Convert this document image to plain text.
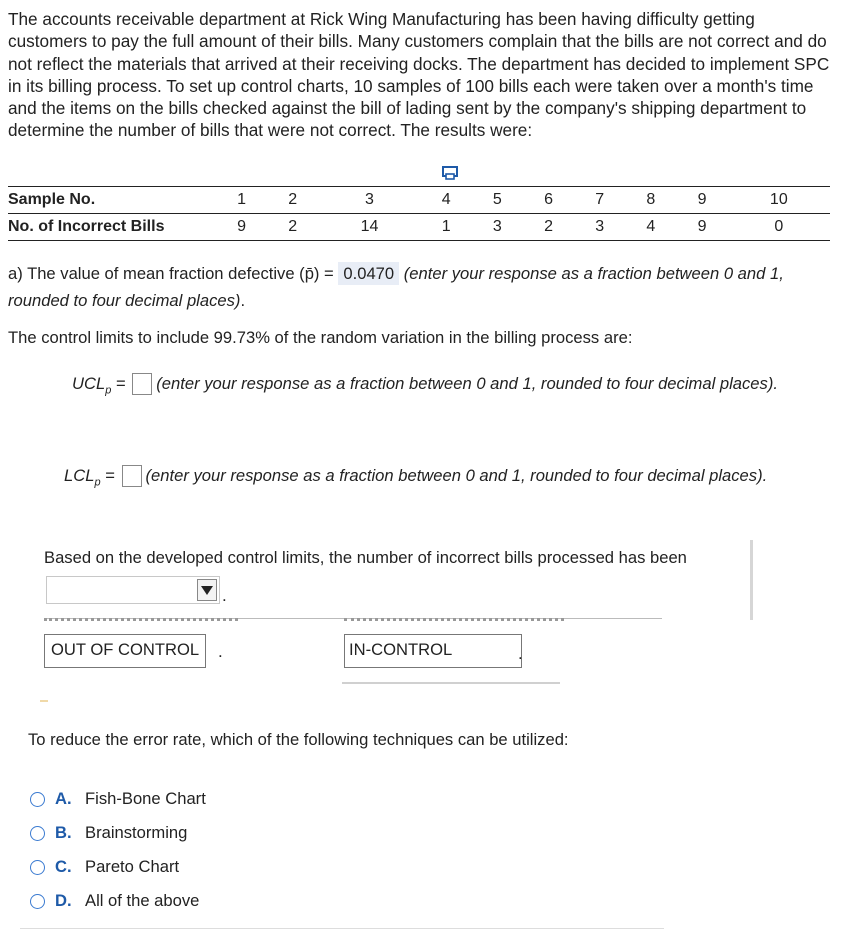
The accounts receivable department at Rick Wing Manufacturing has been having difficulty getting customers to pay the full amount of their bills. Many customers complain that the bills are not correct and do not reflect the materials that arrived at their receiving docks. The department has decided to implement SPC in its billing process. To set up control charts, 10 samples of 100 bills each were taken over a month's time and the items on the bills checked against the bill of lading sent by the company's shipping department to determine the number of bills that were not correct. The results were:
Sample No.	1	2	3	4	5	6	7	8	9	10
No. of Incorrect Bills	9	2	14	1	3	2	3	4	9	0
a) The value of mean fraction defective (p̄) = 0.0470 (enter your response as a fraction between 0 and 1, rounded to four decimal places).
The control limits to include 99.73% of the random variation in the billing process are:
$UCL_p$ = (enter your response as a fraction between 0 and 1, rounded to four decimal places).
$LCL_p$ = (enter your response as a fraction between 0 and 1, rounded to four decimal places).
Based on the developed control limits, the number of incorrect bills processed has been
.
OUT OF CONTROL	.	IN-CONTROL	.
To reduce the error rate, which of the following techniques can be utilized:
A. Fish-Bone Chart
B. Brainstorming
C. Pareto Chart
D. All of the above
